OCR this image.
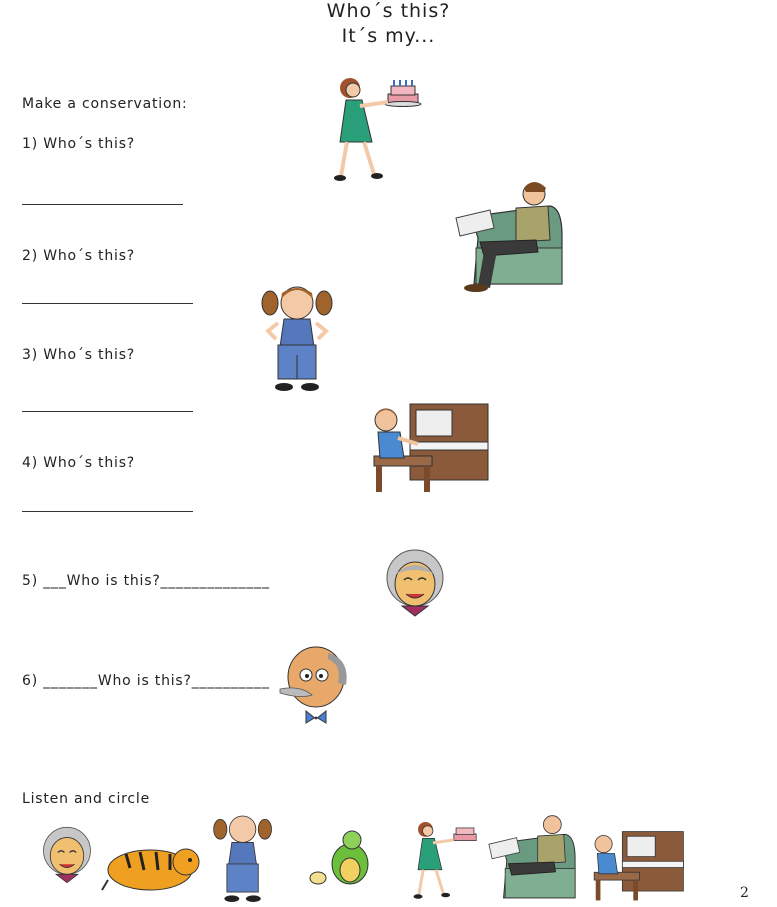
Who´s this?
It´s my...
Make a conservation:
1) Who´s this?
2) Who´s this?
3) Who´s this?
4) Who´s this?
5) ___Who is this?______________
6) _______Who is this?__________
Listen and circle
2
